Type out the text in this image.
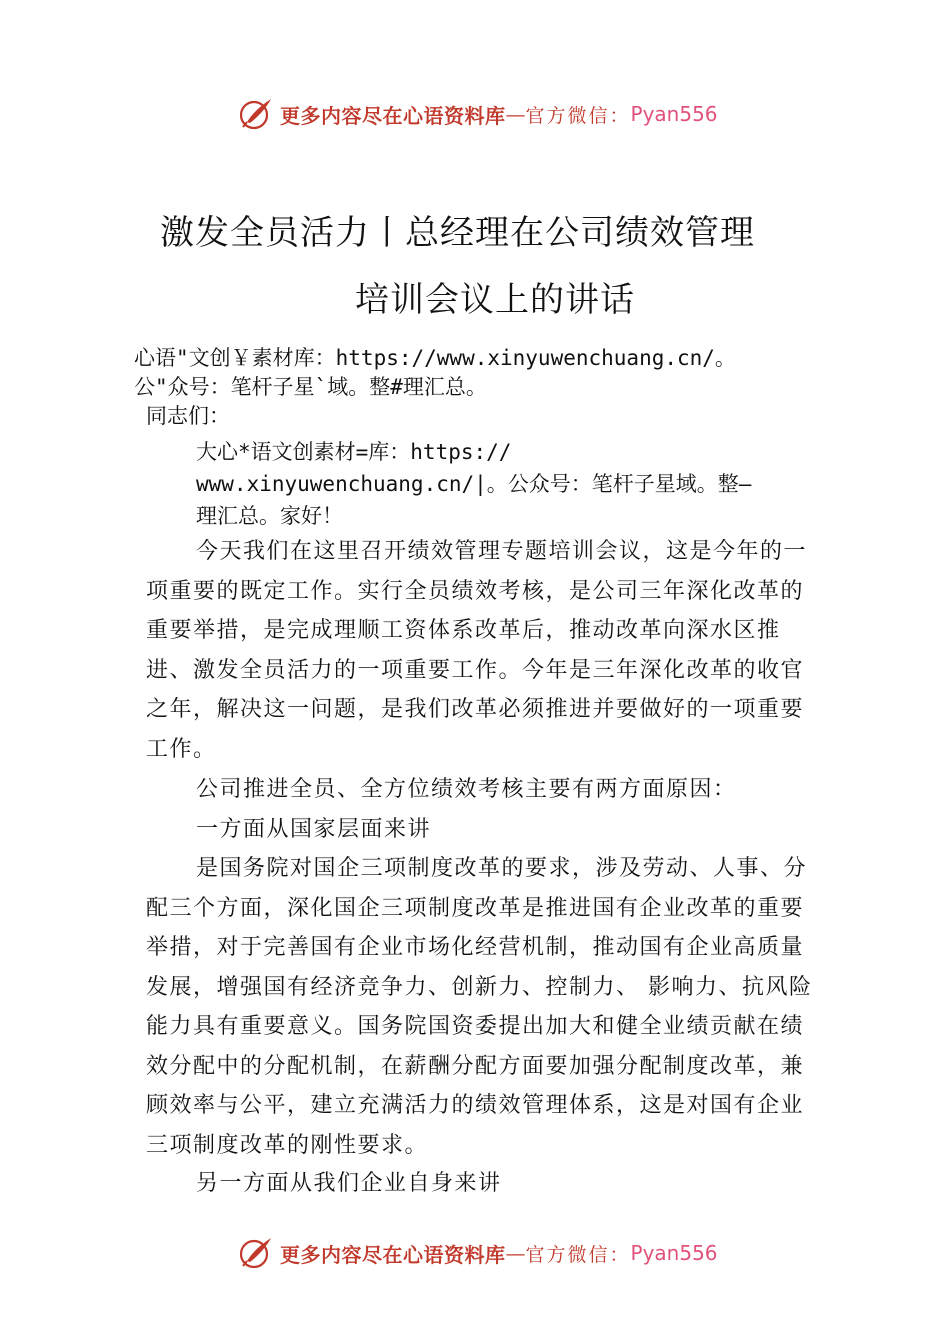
更多内容尽在心语资料库 — 官方微信： Pyan556
激发全员活力丨总经理在公司绩效管理
培训会议上的讲话
心语"文创￥素材库：https://www.xinyuwenchuang.cn/。
公"众号：笔杆子星`域。整#理汇总。
同志们：
大心*语文创素材=库：https://
www.xinyuwenchuang.cn/|。公众号：笔杆子星域。整—
理汇总。家好！

今天我们在这里召开绩效管理专题培训会议，这是今年的一项重要的既定工作。实行全员绩效考核，是公司三年深化改革的重要举措，是完成理顺工资体系改革后，推动改革向深水区推进、激发全员活力的一项重要工作。今年是三年深化改革的收官之年，解决这一问题，是我们改革必须推进并要做好的一项重要工作。

公司推进全员、全方位绩效考核主要有两方面原因：

一方面从国家层面来讲

是国务院对国企三项制度改革的要求，涉及劳动、人事、分配三个方面，深化国企三项制度改革是推进国有企业改革的重要举措，对于完善国有企业市场化经营机制，推动国有企业高质量发展，增强国有经济竞争力、创新力、控制力、 影响力、抗风险能力具有重要意义。国务院国资委提出加大和健全业绩贡献在绩效分配中的分配机制，在薪酬分配方面要加强分配制度改革，兼顾效率与公平，建立充满活力的绩效管理体系，这是对国有企业三项制度改革的刚性要求。

另一方面从我们企业自身来讲

更多内容尽在心语资料库 — 官方微信： Pyan556
